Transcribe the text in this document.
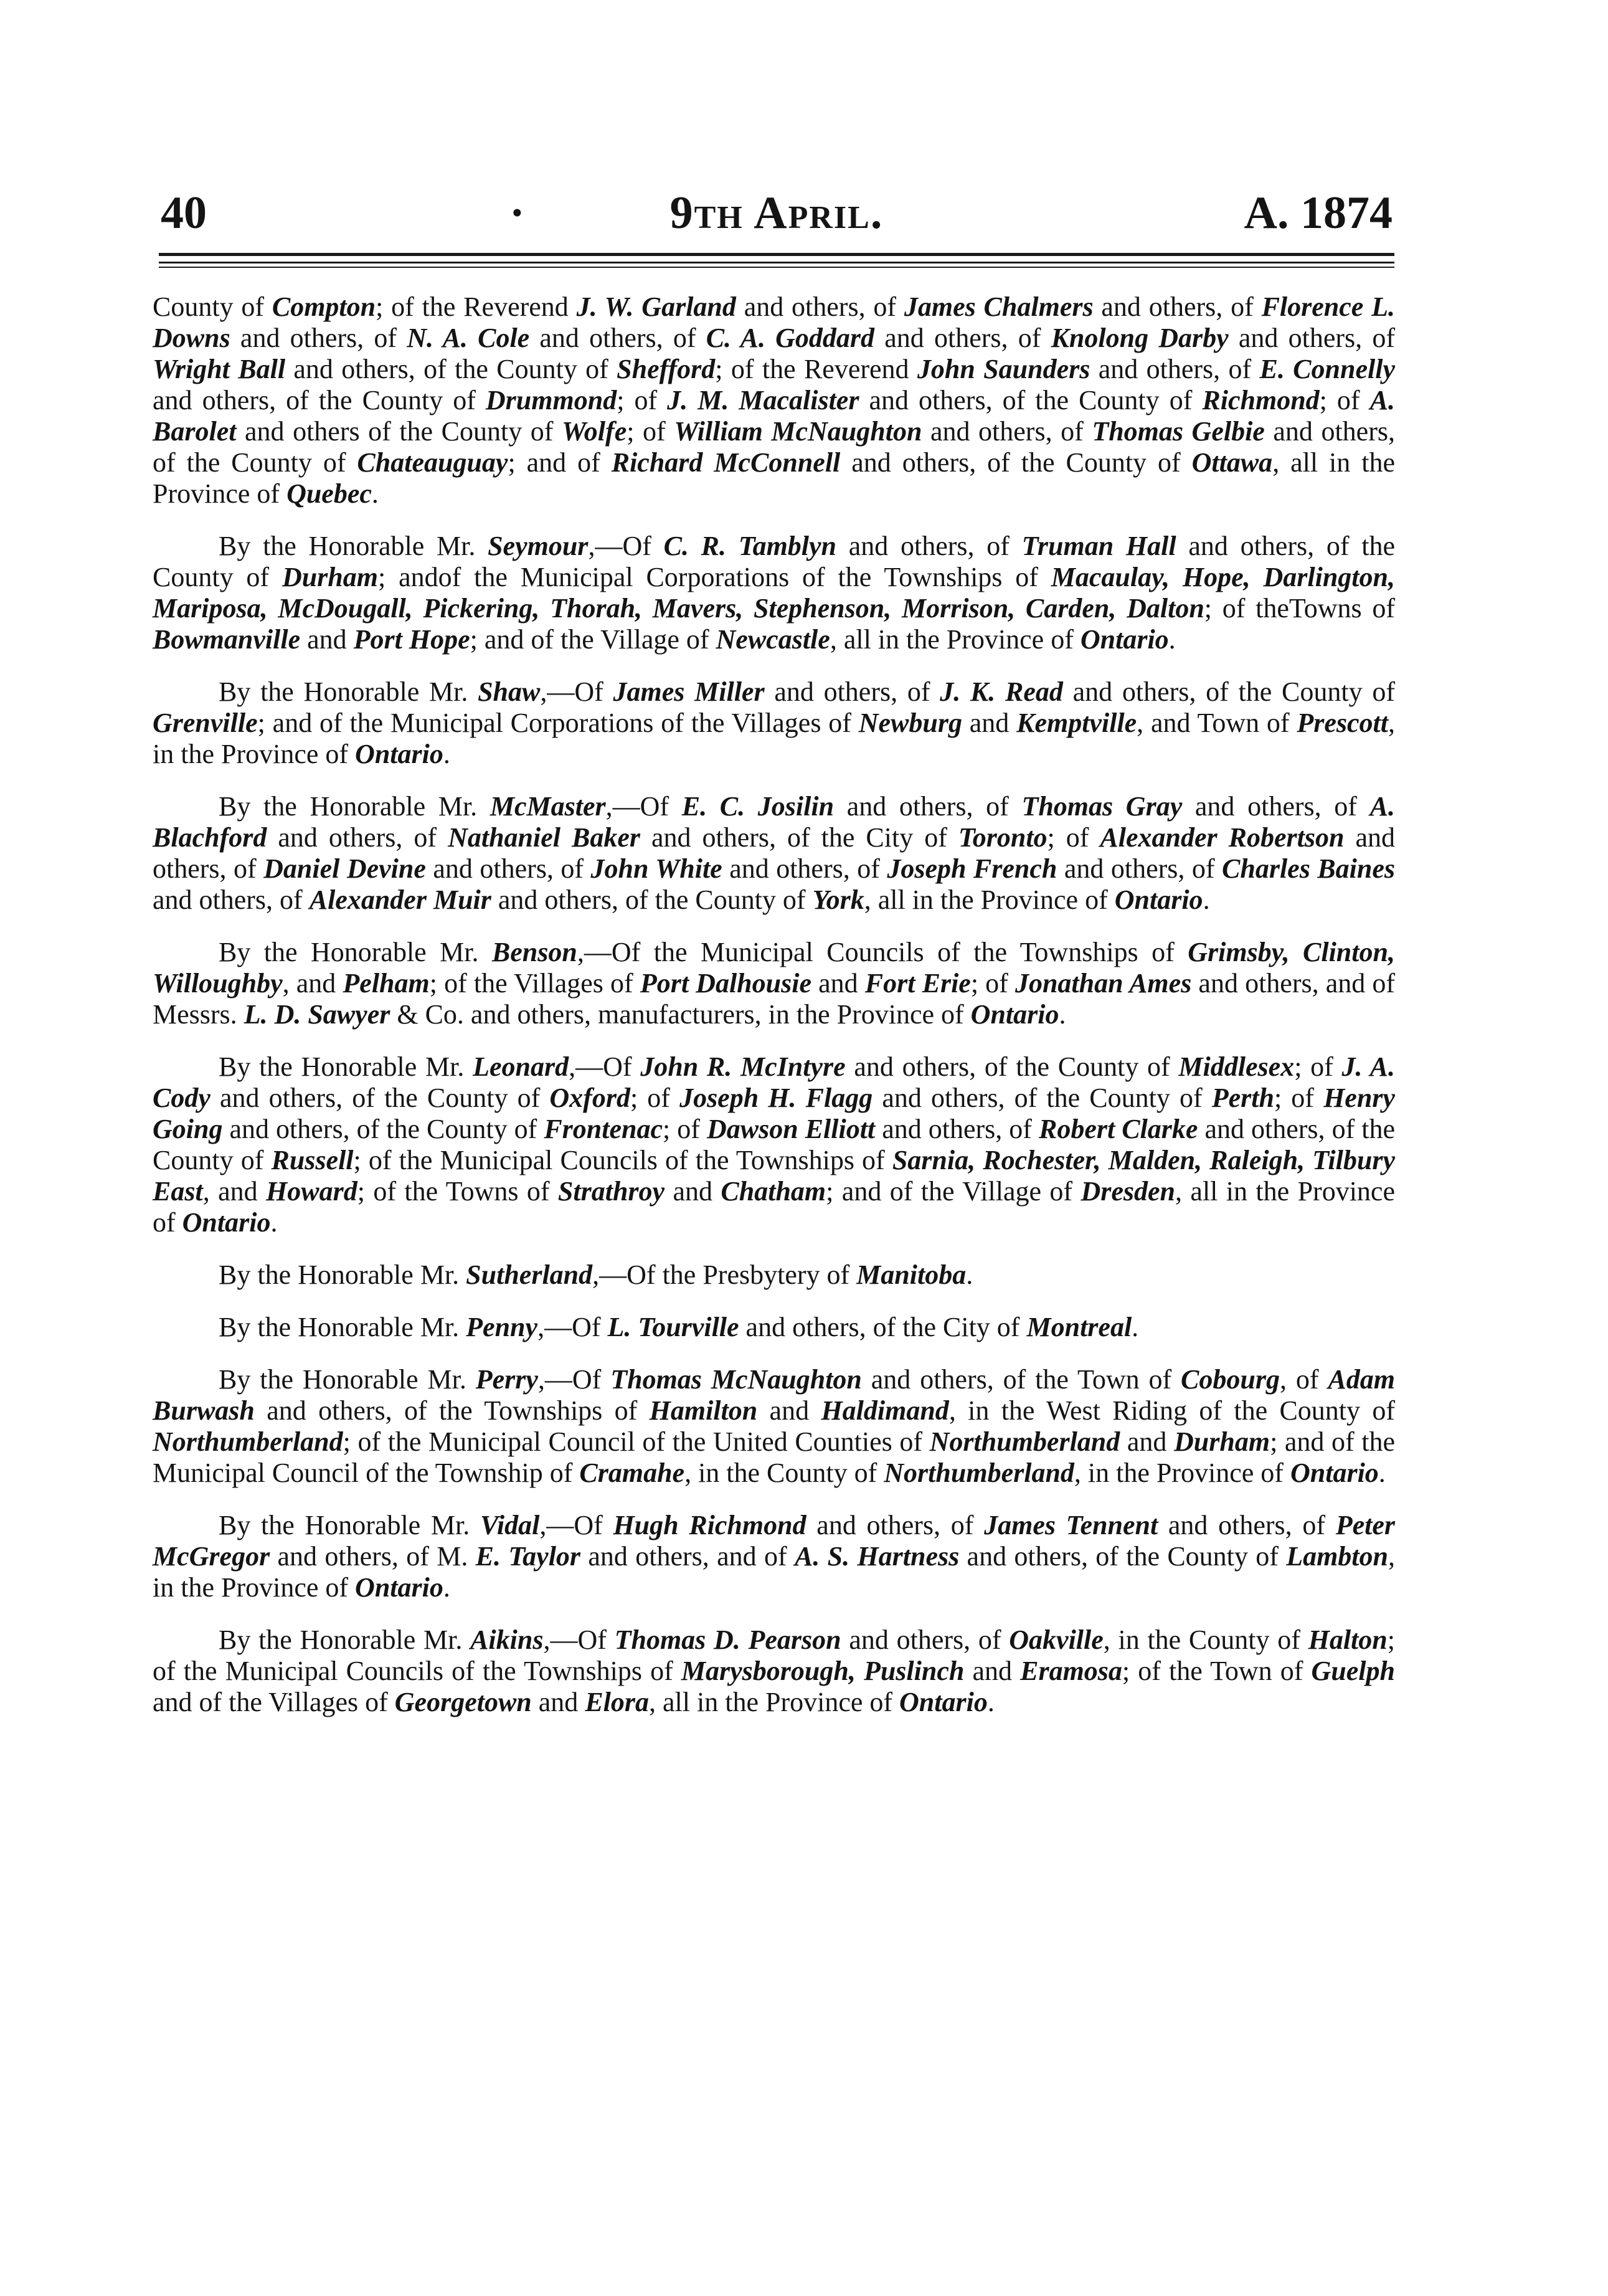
40	·	9th April.	A. 1874

County of Compton; of the Reverend J. W. Garland and others, of James Chalmers and others, of Florence L. Downs and others, of N. A. Cole and others, of C. A. Goddard and others, of Knolong Darby and others, of Wright Ball and others, of the County of Shefford; of the Reverend John Saunders and others, of E. Connelly and others, of the County of Drummond; of J. M. Macalister and others, of the County of Richmond; of A. Barolet and others of the County of Wolfe; of William McNaughton and others, of Thomas Gelbie and others, of the County of Chateauguay; and of Richard McConnell and others, of the County of Ottawa, all in the Province of Quebec.

By the Honorable Mr. Seymour,—Of C. R. Tamblyn and others, of Truman Hall and others, of the County of Durham; andof the Municipal Corporations of the Townships of Macaulay, Hope, Darlington, Mariposa, McDougall, Pickering, Thorah, Mavers, Stephenson, Morrison, Carden, Dalton; of theTowns of Bowmanville and Port Hope; and of the Village of Newcastle, all in the Province of Ontario.

By the Honorable Mr. Shaw,—Of James Miller and others, of J. K. Read and others, of the County of Grenville; and of the Municipal Corporations of the Villages of Newburg and Kemptville, and Town of Prescott, in the Province of Ontario.

By the Honorable Mr. McMaster,—Of E. C. Josilin and others, of Thomas Gray and others, of A. Blachford and others, of Nathaniel Baker and others, of the City of Toronto; of Alexander Robertson and others, of Daniel Devine and others, of John White and others, of Joseph French and others, of Charles Baines and others, of Alexander Muir and others, of the County of York, all in the Province of Ontario.

By the Honorable Mr. Benson,—Of the Municipal Councils of the Townships of Grimsby, Clinton, Willoughby, and Pelham; of the Villages of Port Dalhousie and Fort Erie; of Jonathan Ames and others, and of Messrs. L. D. Sawyer & Co. and others, manufacturers, in the Province of Ontario.

By the Honorable Mr. Leonard,—Of John R. McIntyre and others, of the County of Middlesex; of J. A. Cody and others, of the County of Oxford; of Joseph H. Flagg and others, of the County of Perth; of Henry Going and others, of the County of Frontenac; of Dawson Elliott and others, of Robert Clarke and others, of the County of Russell; of the Municipal Councils of the Townships of Sarnia, Rochester, Malden, Raleigh, Tilbury East, and Howard; of the Towns of Strathroy and Chatham; and of the Village of Dresden, all in the Province of Ontario.

By the Honorable Mr. Sutherland,—Of the Presbytery of Manitoba.

By the Honorable Mr. Penny,—Of L. Tourville and others, of the City of Montreal.

By the Honorable Mr. Perry,—Of Thomas McNaughton and others, of the Town of Cobourg, of Adam Burwash and others, of the Townships of Hamilton and Haldimand, in the West Riding of the County of Northumberland; of the Municipal Council of the United Counties of Northumberland and Durham; and of the Municipal Council of the Township of Cramahe, in the County of Northumberland, in the Province of Ontario.

By the Honorable Mr. Vidal,—Of Hugh Richmond and others, of James Tennent and others, of Peter McGregor and others, of M. E. Taylor and others, and of A. S. Hartness and others, of the County of Lambton, in the Province of Ontario.

By the Honorable Mr. Aikins,—Of Thomas D. Pearson and others, of Oakville, in the County of Halton; of the Municipal Councils of the Townships of Marysborough, Puslinch and Eramosa; of the Town of Guelph and of the Villages of Georgetown and Elora, all in the Province of Ontario.
